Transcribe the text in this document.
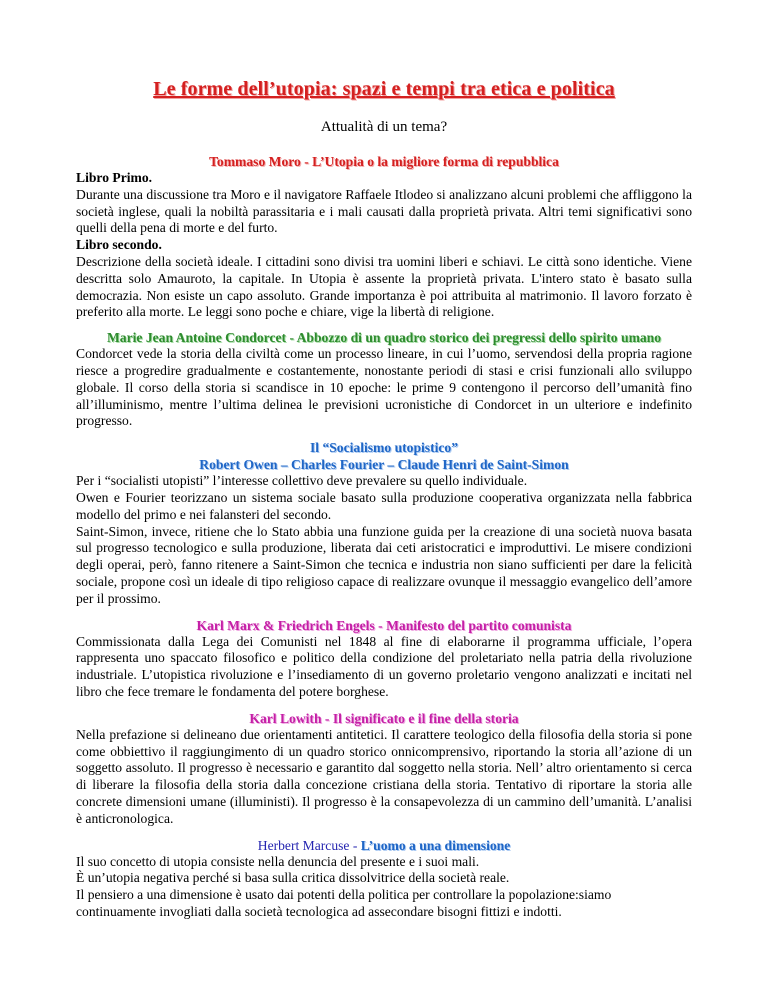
Le forme dell’utopia: spazi e tempi tra etica e politica
Attualità di un tema?
Tommaso Moro - L’Utopia o la migliore forma di repubblica

Libro Primo.

Durante una discussione tra Moro e il navigatore Raffaele Itlodeo si analizzano alcuni problemi che affliggono la società inglese, quali la nobiltà parassitaria e i mali causati dalla proprietà privata. Altri temi significativi sono quelli della pena di morte e del furto.

Libro secondo.

Descrizione della società ideale. I cittadini sono divisi tra uomini liberi e schiavi. Le città sono identiche. Viene descritta solo Amauroto, la capitale. In Utopia è assente la proprietà privata. L'intero stato è basato sulla democrazia. Non esiste un capo assoluto. Grande importanza è poi attribuita al matrimonio. Il lavoro forzato è preferito alla morte. Le leggi sono poche e chiare, vige la libertà di religione.

Marie Jean Antoine Condorcet - Abbozzo di un quadro storico dei pregressi dello spirito umano

Condorcet vede la storia della civiltà come un processo lineare, in cui l’uomo, servendosi della propria ragione riesce a progredire gradualmente e costantemente, nonostante periodi di stasi e crisi funzionali allo sviluppo globale. Il corso della storia si scandisce in 10 epoche: le prime 9 contengono il percorso dell’umanità fino all’illuminismo, mentre l’ultima delinea le previsioni ucronistiche di Condorcet in un ulteriore e indefinito progresso.

Il “Socialismo utopistico”
Robert Owen – Charles Fourier – Claude Henri de Saint-Simon

Per i “socialisti utopisti” l’interesse collettivo deve prevalere su quello individuale.

Owen e Fourier teorizzano un sistema sociale basato sulla produzione cooperativa organizzata nella fabbrica modello del primo e nei falansteri del secondo.

Saint-Simon, invece, ritiene che lo Stato abbia una funzione guida per la creazione di una società nuova basata sul progresso tecnologico e sulla produzione, liberata dai ceti aristocratici e improduttivi. Le misere condizioni degli operai, però, fanno ritenere a Saint-Simon che tecnica e industria non siano sufficienti per dare la felicità sociale, propone così un ideale di tipo religioso capace di realizzare ovunque il messaggio evangelico dell’amore per il prossimo.

Karl Marx & Friedrich Engels - Manifesto del partito comunista

Commissionata dalla Lega dei Comunisti nel 1848 al fine di elaborarne il programma ufficiale, l’opera rappresenta uno spaccato filosofico e politico della condizione del proletariato nella patria della rivoluzione industriale. L’utopistica rivoluzione e l’insediamento di un governo proletario vengono analizzati e incitati nel libro che fece tremare le fondamenta del potere borghese.

Karl Lowith - Il significato e il fine della storia

Nella prefazione si delineano due orientamenti antitetici. Il carattere teologico della filosofia della storia si pone come obbiettivo il raggiungimento di un quadro storico onnicomprensivo, riportando la storia all’azione di un soggetto assoluto. Il progresso è necessario e garantito dal soggetto nella storia. Nell’ altro orientamento si cerca di liberare la filosofia della storia dalla concezione cristiana della storia. Tentativo di riportare la storia alle concrete dimensioni umane (illuministi). Il progresso è la consapevolezza di un cammino dell’umanità. L’analisi è anticronologica.

Herbert Marcuse - L’uomo a una dimensione

Il suo concetto di utopia consiste nella denuncia del presente e i suoi mali.

È un’utopia negativa perché si basa sulla critica dissolvitrice della società reale.

Il pensiero a una dimensione è usato dai potenti della politica per controllare la popolazione:siamo continuamente invogliati dalla società tecnologica ad assecondare bisogni fittizi e indotti.
